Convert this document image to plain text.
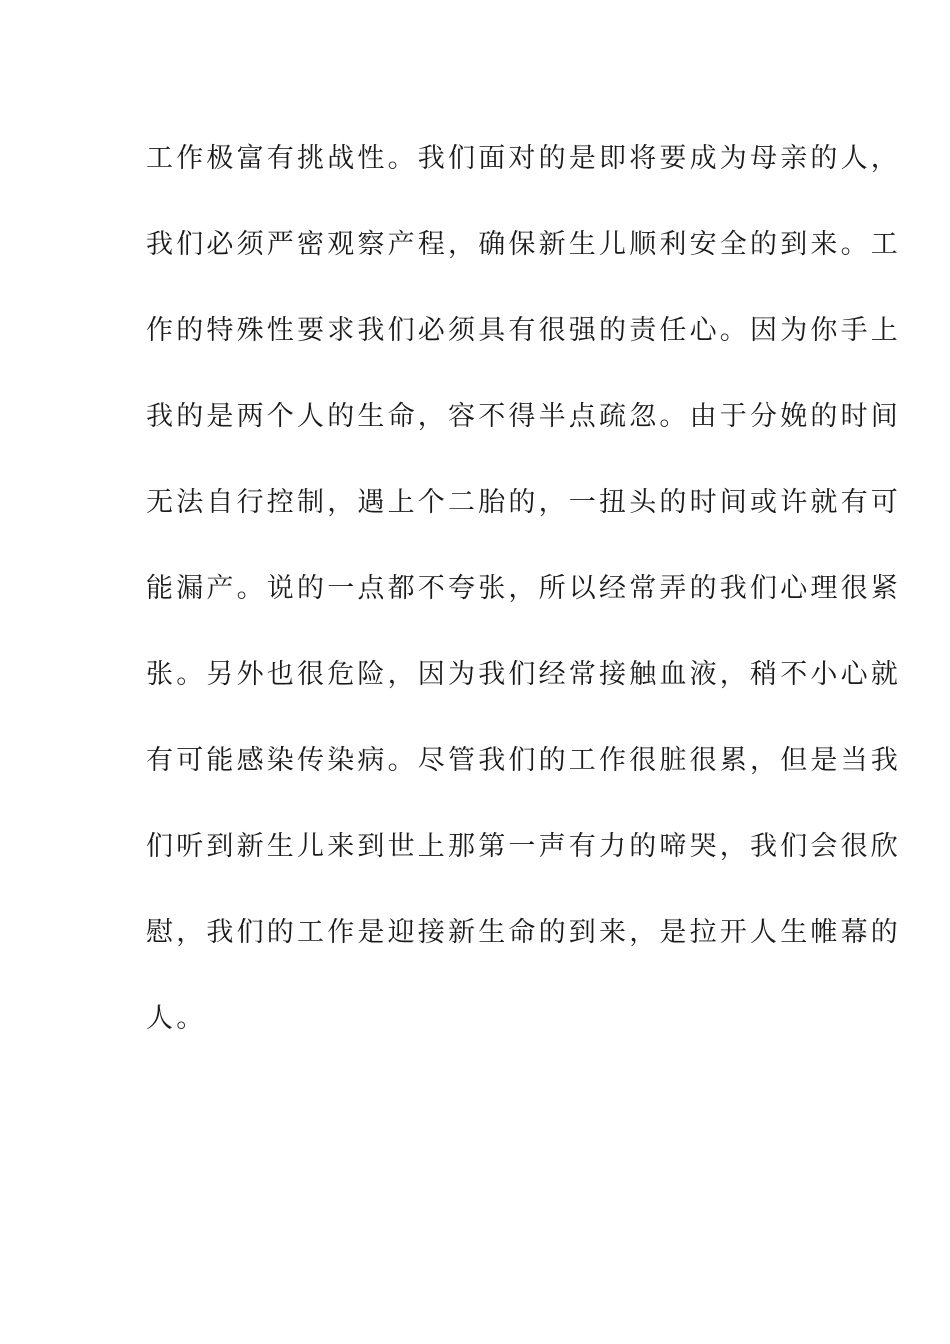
工作极富有挑战性。我们面对的是即将要成为母亲的人，
我们必须严密观察产程，确保新生儿顺利安全的到来。工
作的特殊性要求我们必须具有很强的责任心。因为你手上
我的是两个人的生命，容不得半点疏忽。由于分娩的时间
无法自行控制，遇上个二胎的，一扭头的时间或许就有可
能漏产。说的一点都不夸张，所以经常弄的我们心理很紧
张。另外也很危险，因为我们经常接触血液，稍不小心就
有可能感染传染病。尽管我们的工作很脏很累，但是当我
们听到新生儿来到世上那第一声有力的啼哭，我们会很欣
慰，我们的工作是迎接新生命的到来，是拉开人生帷幕的
人。
